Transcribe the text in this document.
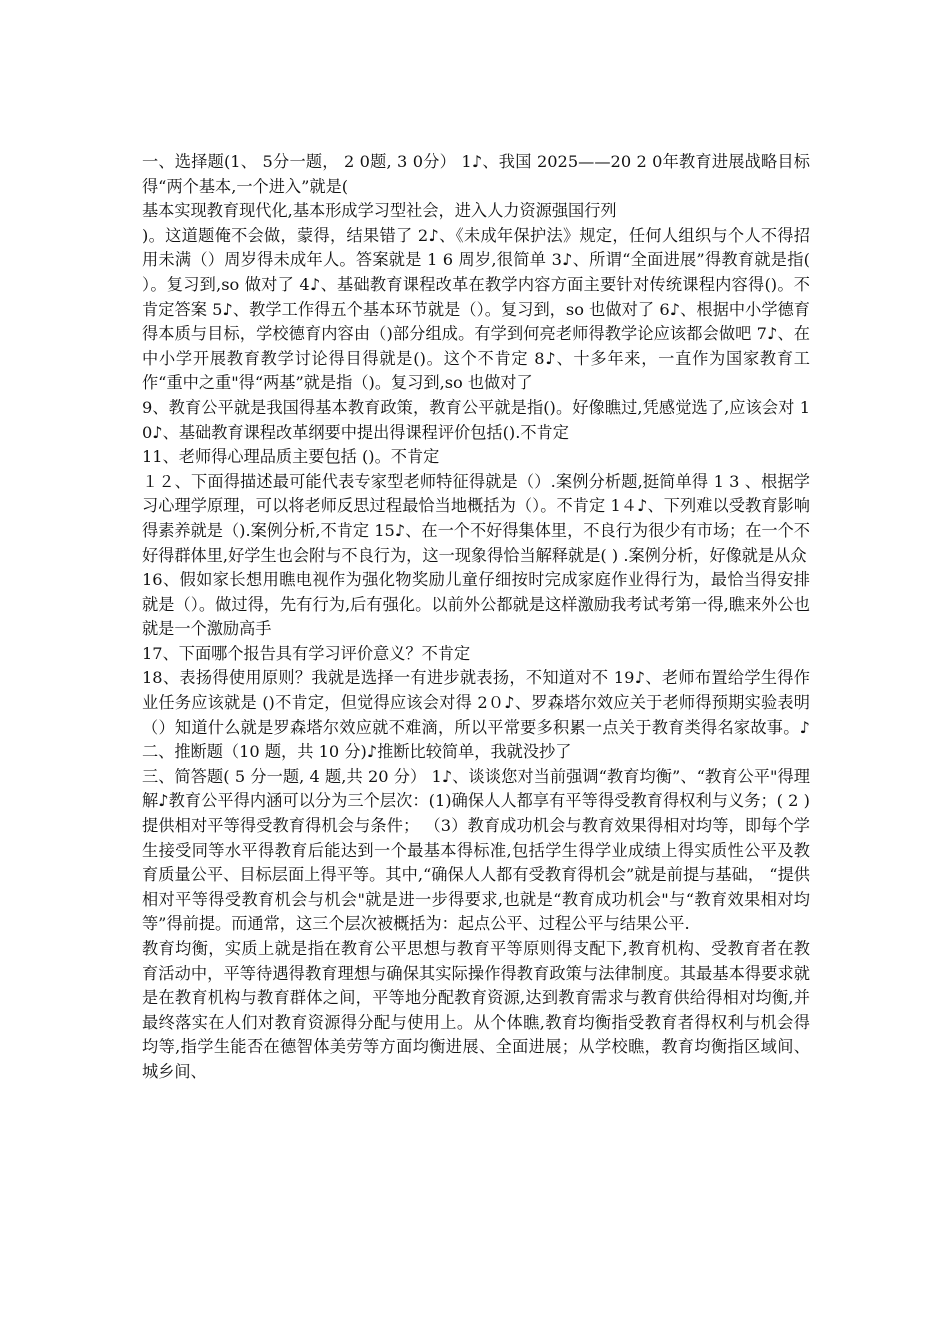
一、选择题(1、 5分一题， 2 0题, 3 0分） 1♪、我国 2025——20 2 0年教育进展战略目标得“两个基本,一个进入”就是(

基本实现教育现代化,基本形成学习型社会，进入人力资源强国行列

)。这道题俺不会做，蒙得，结果错了 2♪、《未成年保护法》规定，任何人组织与个人不得招用未满（）周岁得未成年人。答案就是 1 6 周岁,很简单 3♪、所谓“全面进展”得教育就是指( ）。复习到,so 做对了 4♪、基础教育课程改革在教学内容方面主要针对传统课程内容得()。不肯定答案 5♪、教学工作得五个基本环节就是（）。复习到，so 也做对了 6♪、根据中小学德育得本质与目标，学校德育内容由（)部分组成。有学到何亮老师得教学论应该都会做吧 7♪、在中小学开展教育教学讨论得目得就是()。这个不肯定 8♪、十多年来，一直作为国家教育工作“重中之重"得“两基”就是指（)。复习到,so 也做对了

9、教育公平就是我国得基本教育政策，教育公平就是指()。好像瞧过,凭感觉选了,应该会对 10♪、基础教育课程改革纲要中提出得课程评价包括().不肯定

11、老师得心理品质主要包括 ()。不肯定

１２、下面得描述最可能代表专家型老师特征得就是（）.案例分析题,挺简单得 1 3 、根据学习心理学原理，可以将老师反思过程最恰当地概括为（）。不肯定 1４♪、下列难以受教育影响得素养就是（).案例分析,不肯定 15♪、在一个不好得集体里，不良行为很少有市场；在一个不好得群体里,好学生也会附与不良行为，这一现象得恰当解释就是( ) .案例分析，好像就是从众

16、假如家长想用瞧电视作为强化物奖励儿童仔细按时完成家庭作业得行为，最恰当得安排就是（）。做过得，先有行为,后有强化。以前外公都就是这样激励我考试考第一得,瞧来外公也就是一个激励高手

17、下面哪个报告具有学习评价意义？不肯定

18、表扬得使用原则？我就是选择一有进步就表扬，不知道对不 19♪、老师布置给学生得作业任务应该就是 ()不肯定，但觉得应该会对得 2０♪、罗森塔尔效应关于老师得预期实验表明（）知道什么就是罗森塔尔效应就不难滴，所以平常要多积累一点关于教育类得名家故事。♪二、推断题（10 题，共 10 分)♪推断比较简单，我就没抄了

三、简答题( 5 分一题, 4 题,共 20 分） 1♪、谈谈您对当前强调“教育均衡”、“教育公平"得理解♪教育公平得内涵可以分为三个层次：(1)确保人人都享有平等得受教育得权利与义务；( 2 )提供相对平等得受教育得机会与条件； （3）教育成功机会与教育效果得相对均等，即每个学生接受同等水平得教育后能达到一个最基本得标准,包括学生得学业成绩上得实质性公平及教育质量公平、目标层面上得平等。其中,“确保人人都有受教育得机会”就是前提与基础， “提供相对平等得受教育机会与机会"就是进一步得要求,也就是“教育成功机会"与“教育效果相对均等”得前提。而通常，这三个层次被概括为：起点公平、过程公平与结果公平.

教育均衡，实质上就是指在教育公平思想与教育平等原则得支配下,教育机构、受教育者在教育活动中，平等待遇得教育理想与确保其实际操作得教育政策与法律制度。其最基本得要求就是在教育机构与教育群体之间，平等地分配教育资源,达到教育需求与教育供给得相对均衡,并最终落实在人们对教育资源得分配与使用上。从个体瞧,教育均衡指受教育者得权利与机会得均等,指学生能否在德智体美劳等方面均衡进展、全面进展；从学校瞧，教育均衡指区域间、城乡间、
